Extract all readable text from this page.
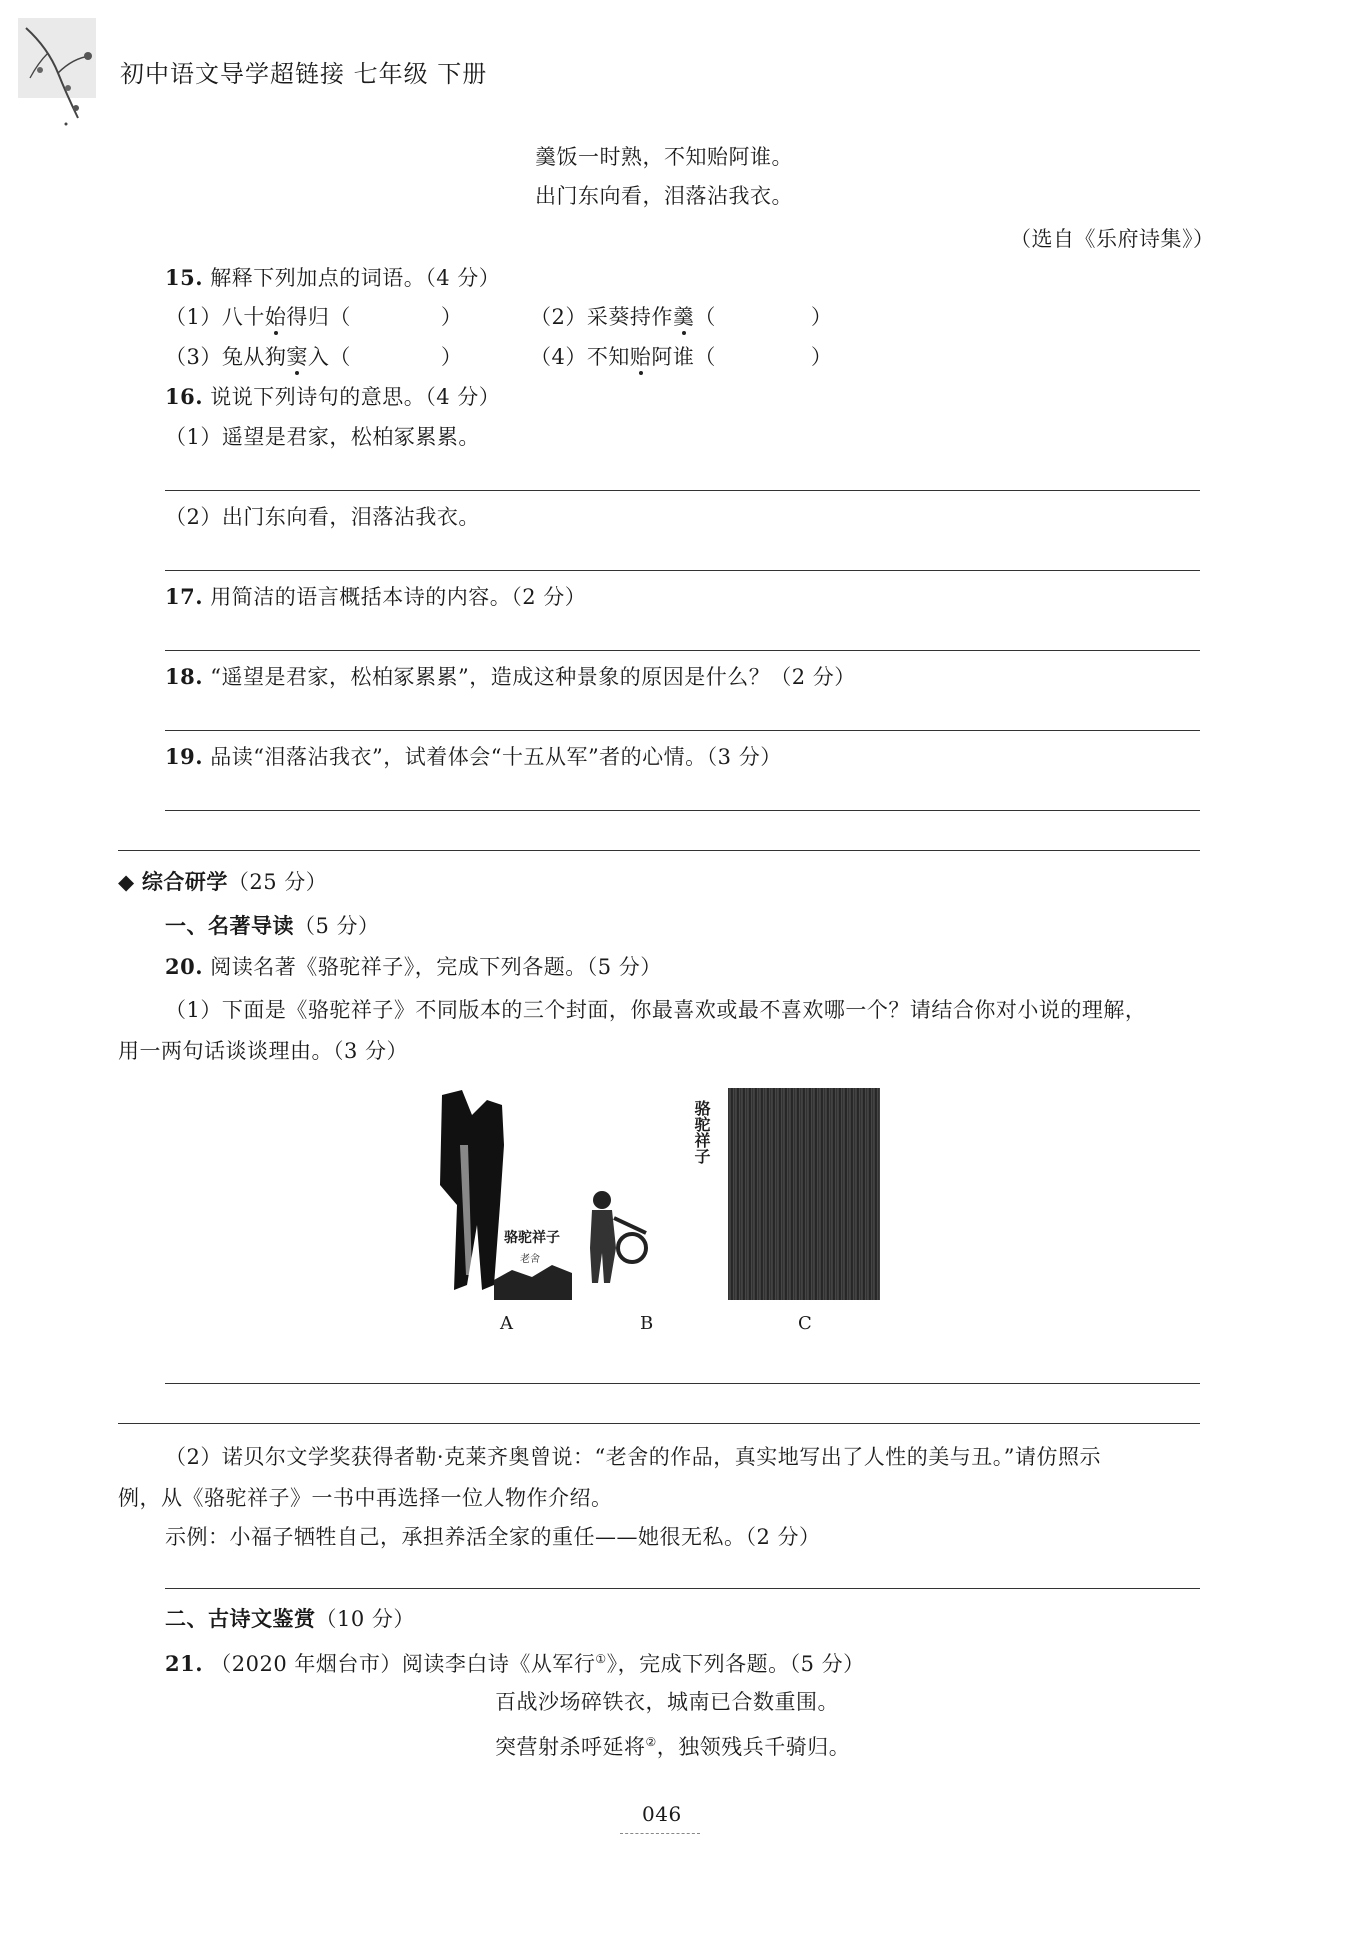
初中语文导学超链接 七年级 下册
羹饭一时熟，不知贻阿谁。
出门东向看，泪落沾我衣。
（选自《乐府诗集》）
15. 解释下列加点的词语。（4 分）
（1）八十始得归（	）	（2）采葵持作羹（	）
（3）兔从狗窦入（	）	（4）不知贻阿谁（	）
16. 说说下列诗句的意思。（4 分）
（1）遥望是君家，松柏冢累累。
（2）出门东向看，泪落沾我衣。
17. 用简洁的语言概括本诗的内容。（2 分）
18. “遥望是君家，松柏冢累累”，造成这种景象的原因是什么？（2 分）
19. 品读“泪落沾我衣”，试着体会“十五从军”者的心情。（3 分）
◆ 综合研学（25 分）
一、名著导读（5 分）
20. 阅读名著《骆驼祥子》，完成下列各题。（5 分）
（1）下面是《骆驼祥子》不同版本的三个封面，你最喜欢或最不喜欢哪一个？请结合你对小说的理解，
用一两句话谈谈理由。（3 分）
骆驼祥子
老舍
骆驼祥子
A	B	C
（2）诺贝尔文学奖获得者勒·克莱齐奥曾说：“老舍的作品，真实地写出了人性的美与丑。”请仿照示
例，从《骆驼祥子》一书中再选择一位人物作介绍。
示例：小福子牺牲自己，承担养活全家的重任——她很无私。（2 分）
二、古诗文鉴赏（10 分）
21. （2020 年烟台市）阅读李白诗《从军行①》，完成下列各题。（5 分）
百战沙场碎铁衣，城南已合数重围。
突营射杀呼延将②，独领残兵千骑归。
046
